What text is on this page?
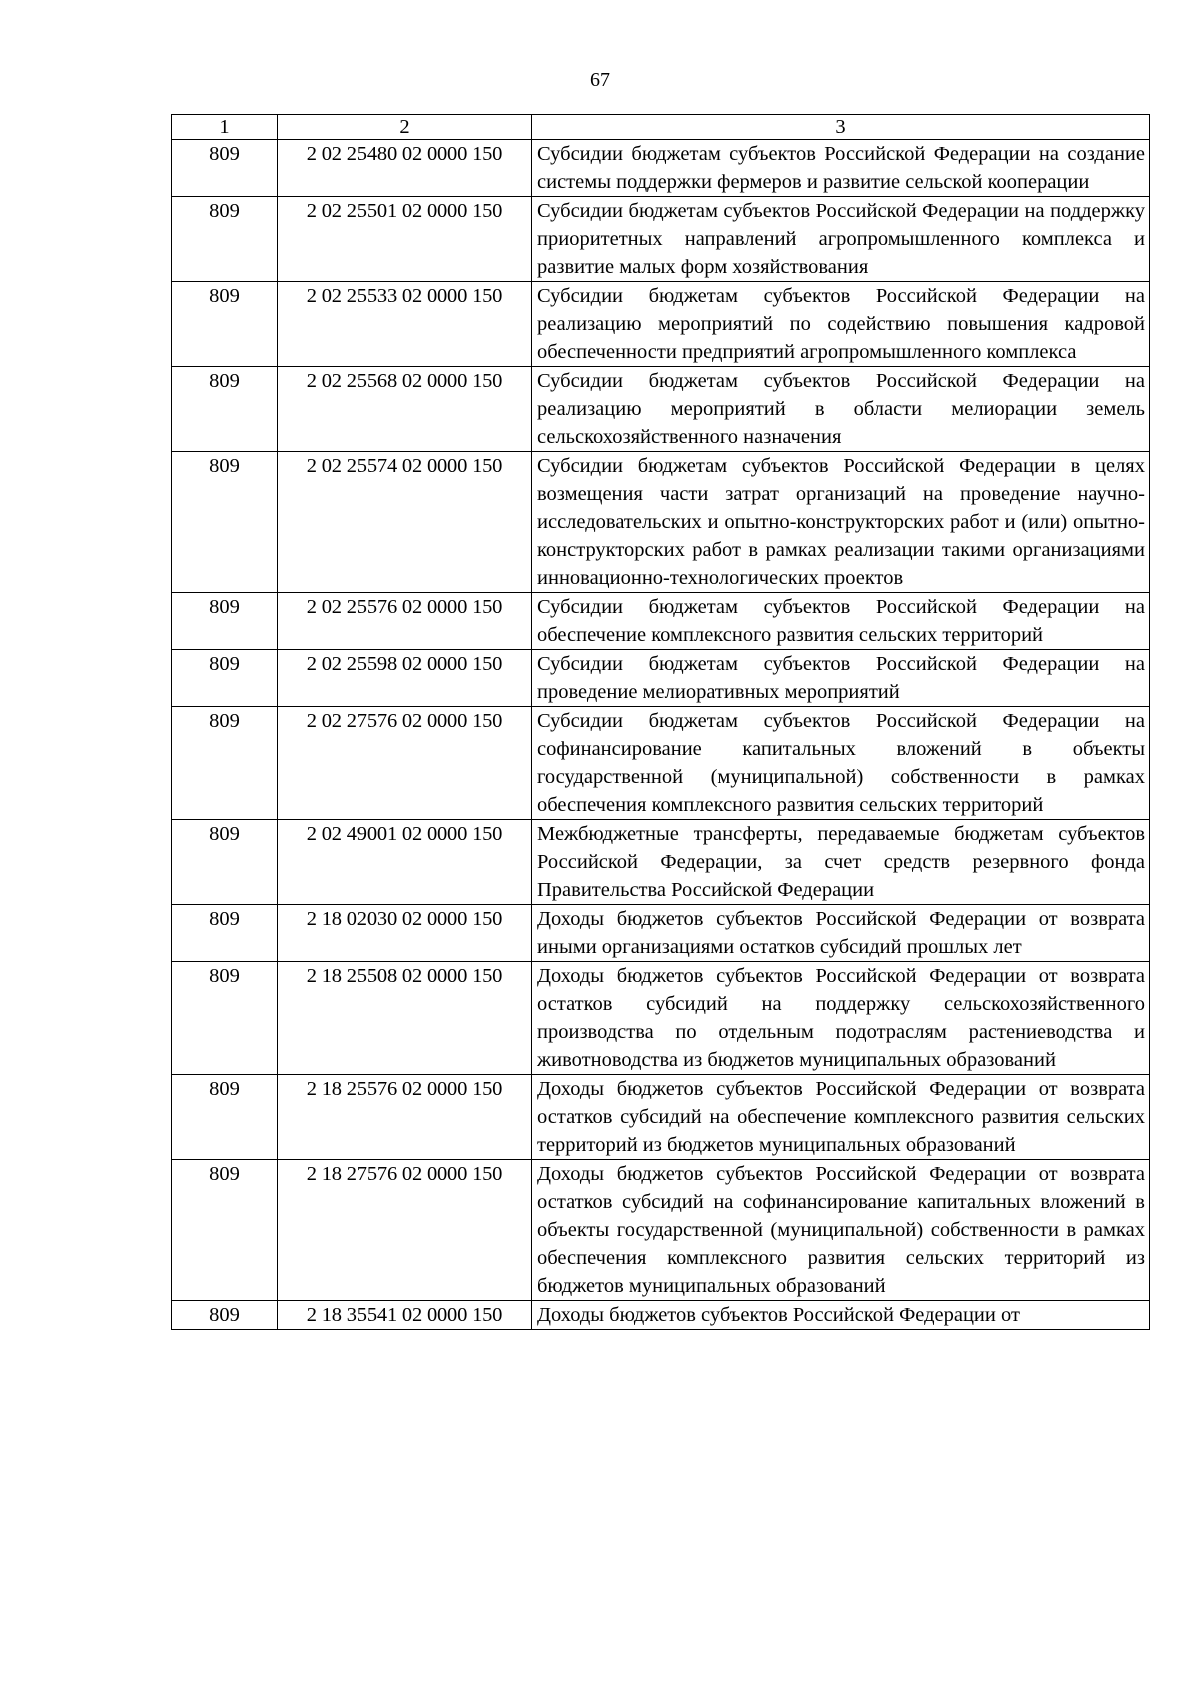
67
1	2	3
809	2 02 25480 02 0000 150	Субсидии бюджетам субъектов Российской Федерации на создание системы поддержки фермеров и развитие сельской кооперации
809	2 02 25501 02 0000 150	Субсидии бюджетам субъектов Российской Федерации на поддержку приоритетных направлений агропромышленного комплекса и развитие малых форм хозяйствования
809	2 02 25533 02 0000 150	Субсидии бюджетам субъектов Российской Федерации на реализацию мероприятий по содействию повышения кадровой обеспеченности предприятий агропромышленного комплекса
809	2 02 25568 02 0000 150	Субсидии бюджетам субъектов Российской Федерации на реализацию мероприятий в области мелиорации земель сельскохозяйственного назначения
809	2 02 25574 02 0000 150	Субсидии бюджетам субъектов Российской Федерации в целях возмещения части затрат организаций на проведение научно-исследовательских и опытно-конструкторских работ и (или) опытно-конструкторских работ в рамках реализации такими организациями инновационно-технологических проектов
809	2 02 25576 02 0000 150	Субсидии бюджетам субъектов Российской Федерации на обеспечение комплексного развития сельских территорий
809	2 02 25598 02 0000 150	Субсидии бюджетам субъектов Российской Федерации на проведение мелиоративных мероприятий
809	2 02 27576 02 0000 150	Субсидии бюджетам субъектов Российской Федерации на софинансирование капитальных вложений в объекты государственной (муниципальной) собственности в рамках обеспечения комплексного развития сельских территорий
809	2 02 49001 02 0000 150	Межбюджетные трансферты, передаваемые бюджетам субъектов Российской Федерации, за счет средств резервного фонда Правительства Российской Федерации
809	2 18 02030 02 0000 150	Доходы бюджетов субъектов Российской Федерации от возврата иными организациями остатков субсидий прошлых лет
809	2 18 25508 02 0000 150	Доходы бюджетов субъектов Российской Федерации от возврата остатков субсидий на поддержку сельскохозяйственного производства по отдельным подотраслям растениеводства и животноводства из бюджетов муниципальных образований
809	2 18 25576 02 0000 150	Доходы бюджетов субъектов Российской Федерации от возврата остатков субсидий на обеспечение комплексного развития сельских территорий из бюджетов муниципальных образований
809	2 18 27576 02 0000 150	Доходы бюджетов субъектов Российской Федерации от возврата остатков субсидий на софинансирование капитальных вложений в объекты государственной (муниципальной) собственности в рамках обеспечения комплексного развития сельских территорий из бюджетов муниципальных образований
809	2 18 35541 02 0000 150	Доходы бюджетов субъектов Российской Федерации от
